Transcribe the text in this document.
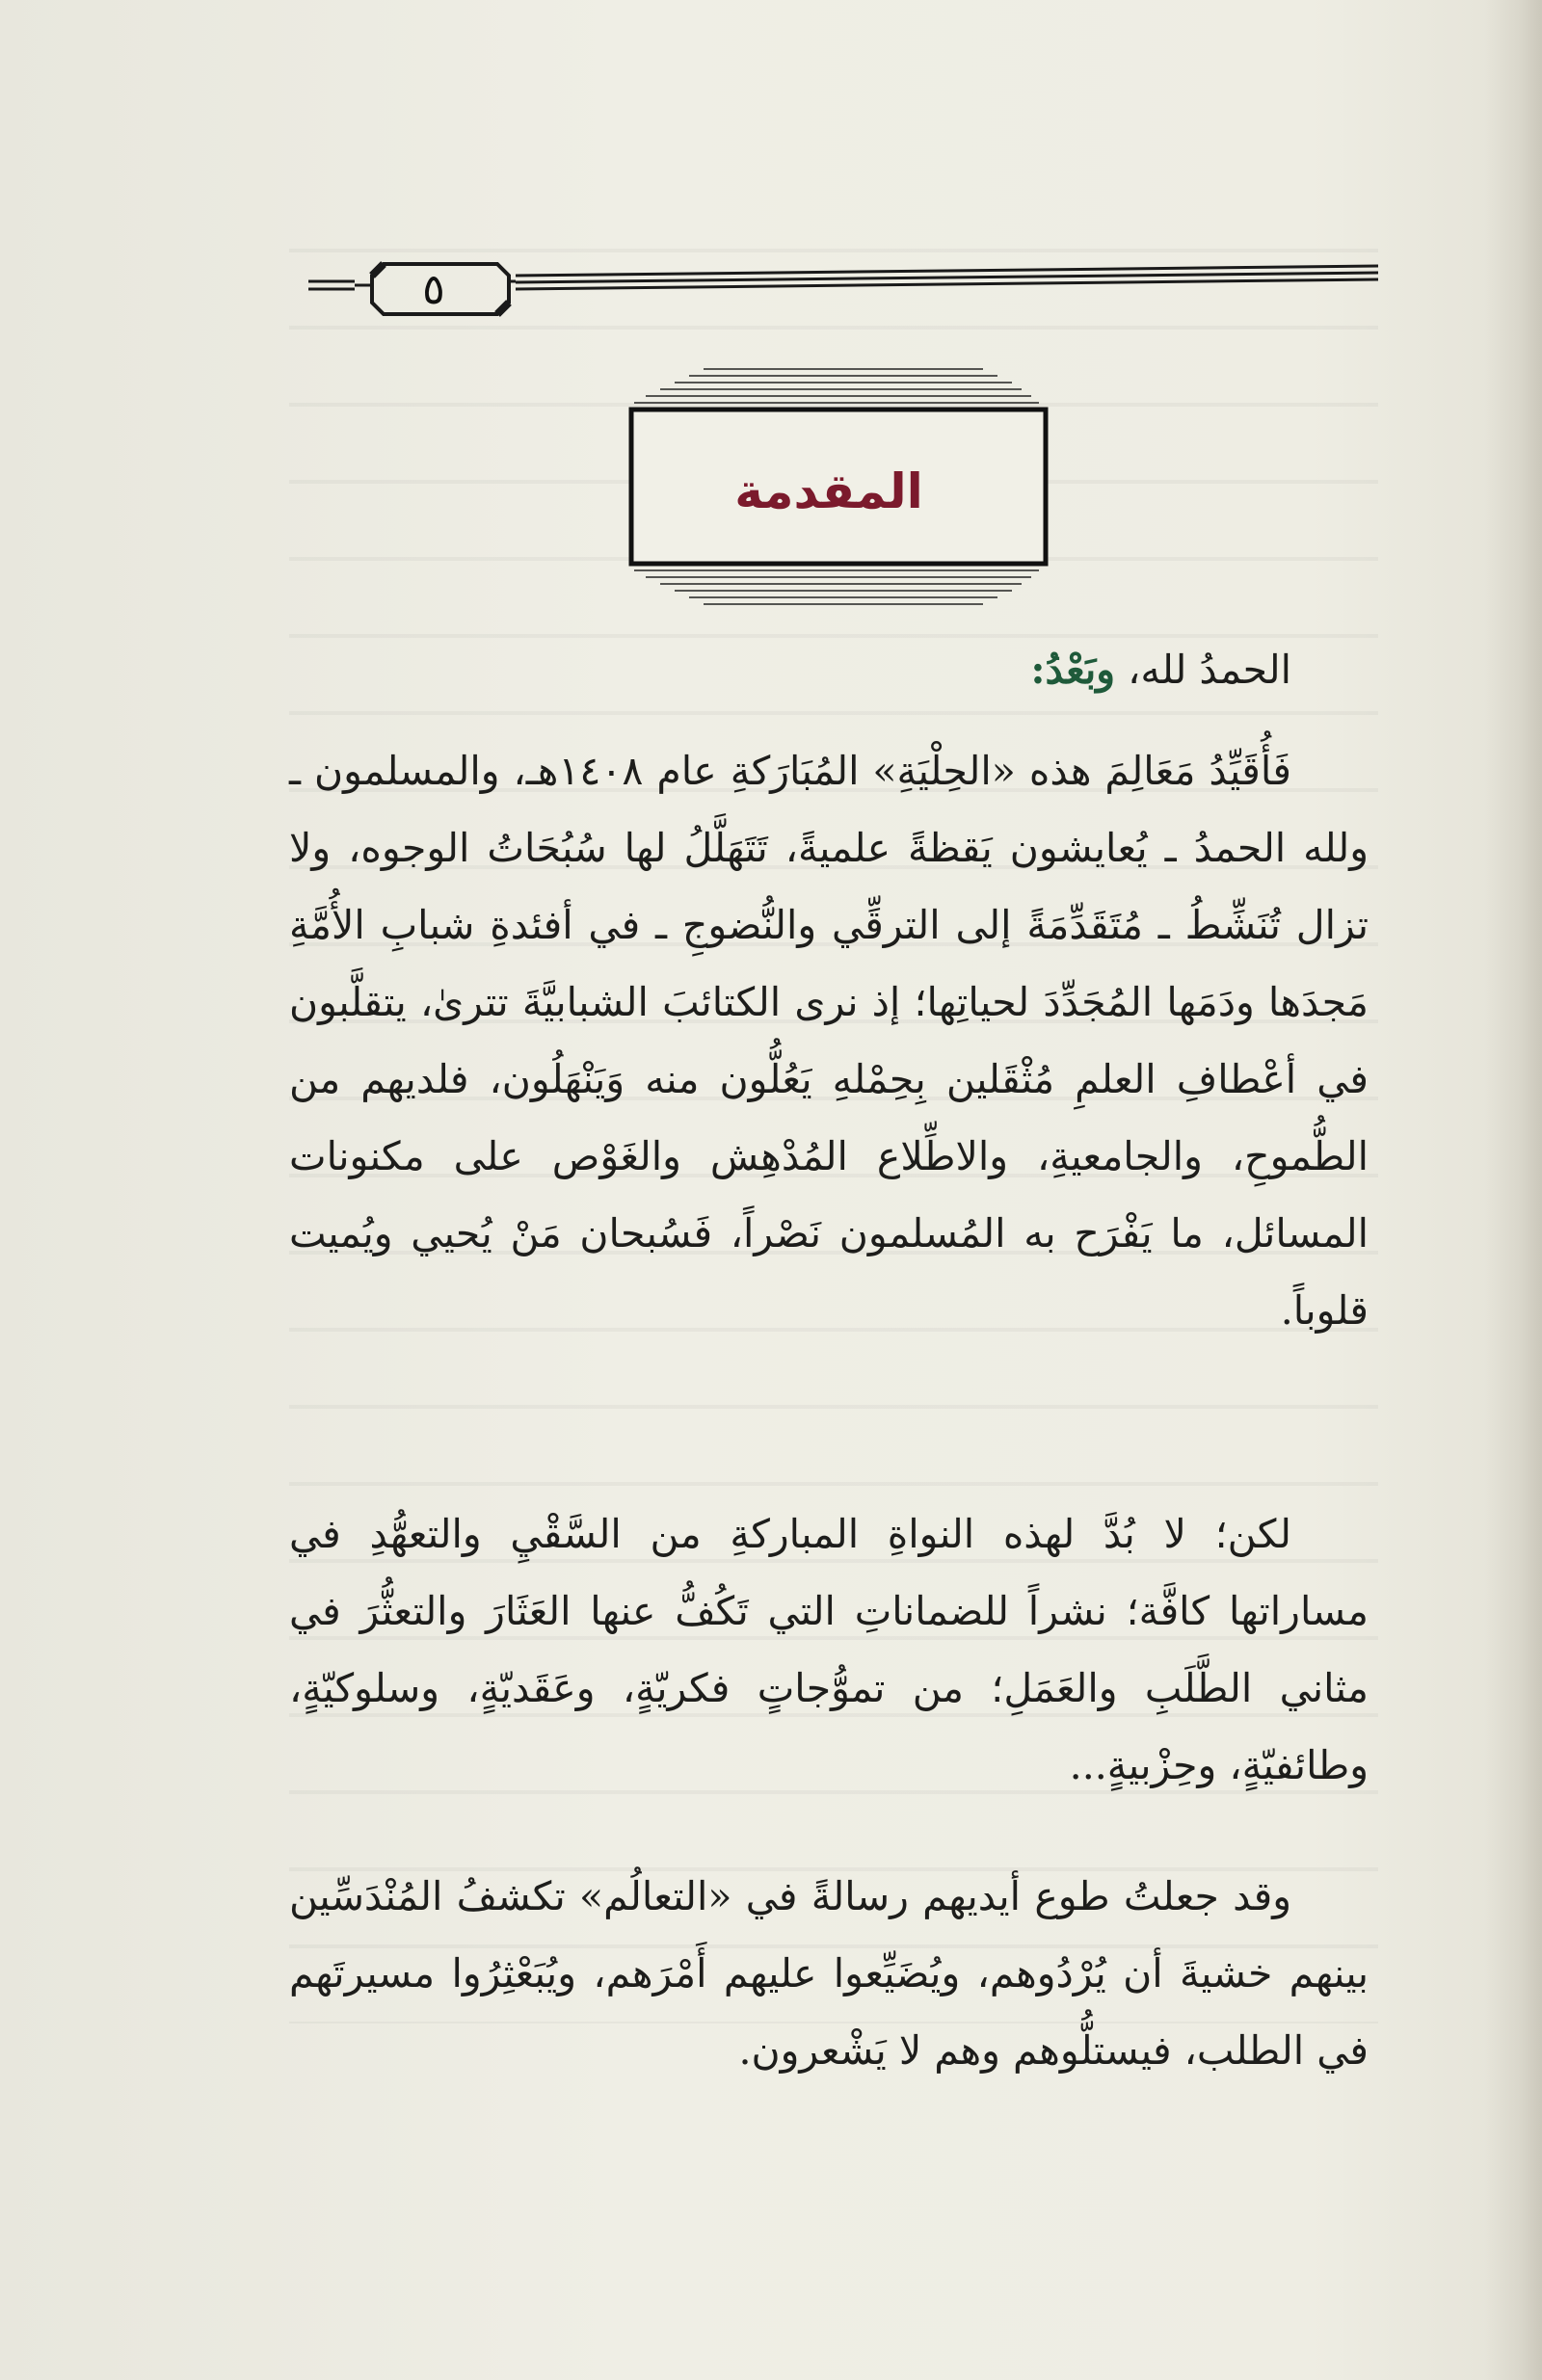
٥
المقدمة
الحمدُ لله، وبَعْدُ:
فَأُقَيِّدُ مَعَالِمَ هذه «الحِلْيَةِ» المُبَارَكةِ عام ١٤٠٨هـ، والمسلمون ـ ولله الحمدُ ـ يُعايشون يَقظةً علميةً، تَتَهَلَّلُ لها سُبُحَاتُ الوجوه، ولا تزال تُنَشِّطُ ـ مُتَقَدِّمَةً إلى الترقِّي والنُّضوجِ ـ في أفئدةِ شبابِ الأُمَّةِ مَجدَها ودَمَها المُجَدِّدَ لحياتِها؛ إذ نرى الكتائبَ الشبابيَّةَ تترىٰ، يتقلَّبون في أعْطافِ العلمِ مُثْقَلين بِحِمْلهِ يَعُلُّون منه وَيَنْهَلُون، فلديهم من الطُّموحِ، والجامعيةِ، والاطِّلاع المُدْهِش والغَوْص على مكنونات المسائل، ما يَفْرَح به المُسلمون نَصْراً، فَسُبحان مَنْ يُحيي ويُميت قلوباً.
لكن؛ لا بُدَّ لهذه النواةِ المباركةِ من السَّقْيِ والتعهُّدِ في مساراتها كافَّة؛ نشراً للضماناتِ التي تَكُفُّ عنها العَثَارَ والتعثُّرَ في مثاني الطَّلَبِ والعَمَلِ؛ من تموُّجاتٍ فكريّةٍ، وعَقَديّةٍ، وسلوكيّةٍ، وطائفيّةٍ، وحِزْبيةٍ...
وقد جعلتُ طوع أيديهم رسالةً في «التعالُم» تكشفُ المُنْدَسِّين بينهم خشيةَ أن يُرْدُوهم، ويُضَيِّعوا عليهم أَمْرَهم، ويُبَعْثِرُوا مسيرتَهم في الطلب، فيستلُّوهم وهم لا يَشْعرون.
